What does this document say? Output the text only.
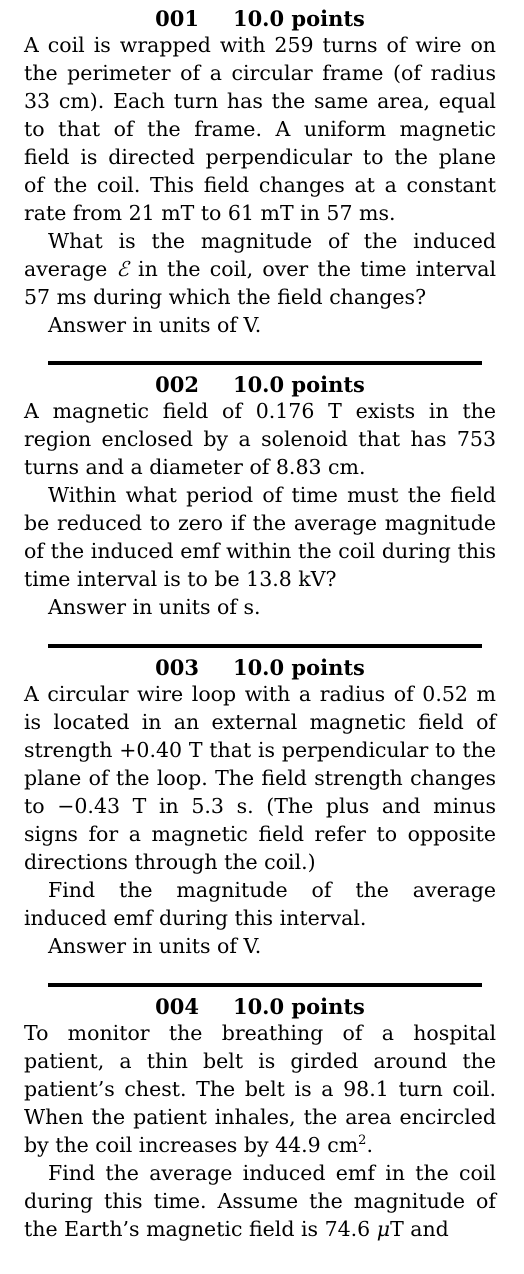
001 10.0 points

A coil is wrapped with 259 turns of wire on the perimeter of a circular frame (of radius 33 cm). Each turn has the same area, equal to that of the frame. A uniform magnetic field is directed perpendicular to the plane of the coil. This field changes at a constant rate from 21 mT to 61 mT in 57 ms.

What is the magnitude of the induced average ℰ in the coil, over the time interval 57 ms during which the field changes?

Answer in units of V.

002 10.0 points

A magnetic field of 0.176 T exists in the region enclosed by a solenoid that has 753 turns and a diameter of 8.83 cm.

Within what period of time must the field be reduced to zero if the average magnitude of the induced emf within the coil during this time interval is to be 13.8 kV?

Answer in units of s.

003 10.0 points

A circular wire loop with a radius of 0.52 m is located in an external magnetic field of strength +0.40 T that is perpendicular to the plane of the loop. The field strength changes to −0.43 T in 5.3 s. (The plus and minus signs for a magnetic field refer to opposite directions through the coil.)

Find the magnitude of the average induced emf during this interval.

Answer in units of V.

004 10.0 points

To monitor the breathing of a hospital patient, a thin belt is girded around the patient’s chest. The belt is a 98.1 turn coil. When the patient inhales, the area encircled by the coil increases by 44.9 $cm^2$.

Find the average induced emf in the coil during this time. Assume the magnitude of the Earth’s magnetic field is 74.6 μT and
